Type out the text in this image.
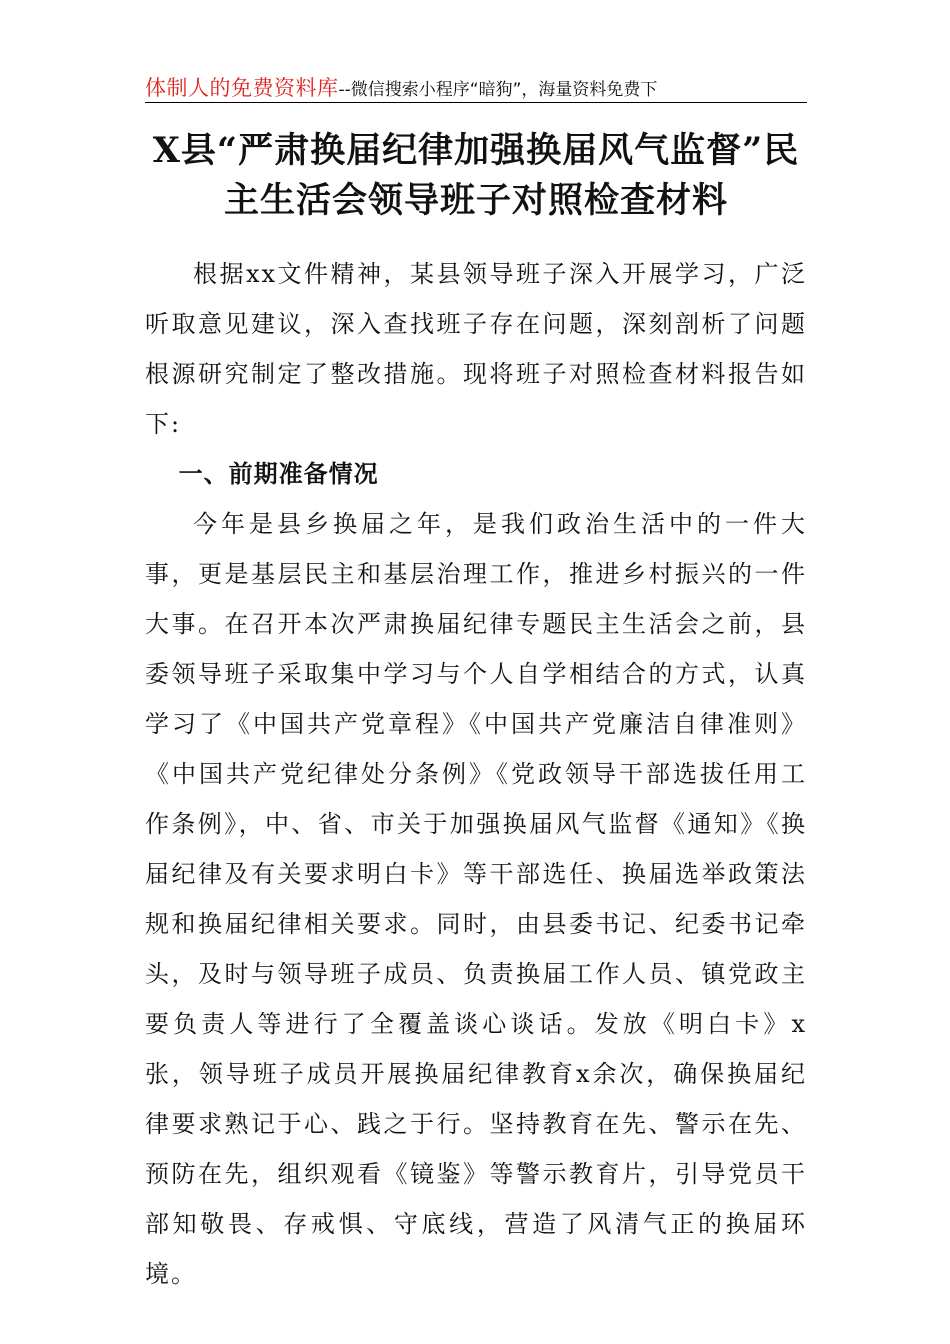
体制人的免费资料库--微信搜索小程序“暗狗”，海量资料免费下
X县“严肃换届纪律加强换届风气监督”民主生活会领导班子对照检查材料

根据xx文件精神，某县领导班子深入开展学习，广泛听取意见建议，深入查找班子存在问题，深刻剖析了问题根源研究制定了整改措施。现将班子对照检查材料报告如下:

一、前期准备情况

今年是县乡换届之年，是我们政治生活中的一件大事，更是基层民主和基层治理工作，推进乡村振兴的一件大事。在召开本次严肃换届纪律专题民主生活会之前，县委领导班子采取集中学习与个人自学相结合的方式，认真学习了《中国共产党章程》《中国共产党廉洁自律准则》《中国共产党纪律处分条例》《党政领导干部选拔任用工作条例》，中、省、市关于加强换届风气监督《通知》《换届纪律及有关要求明白卡》等干部选任、换届选举政策法规和换届纪律相关要求。同时，由县委书记、纪委书记牵头，及时与领导班子成员、负责换届工作人员、镇党政主要负责人等进行了全覆盖谈心谈话。发放《明白卡》x张，领导班子成员开展换届纪律教育x余次，确保换届纪律要求熟记于心、践之于行。坚持教育在先、警示在先、预防在先，组织观看《镜鉴》等警示教育片，引导党员干部知敬畏、存戒惧、守底线，营造了风清气正的换届环境。
